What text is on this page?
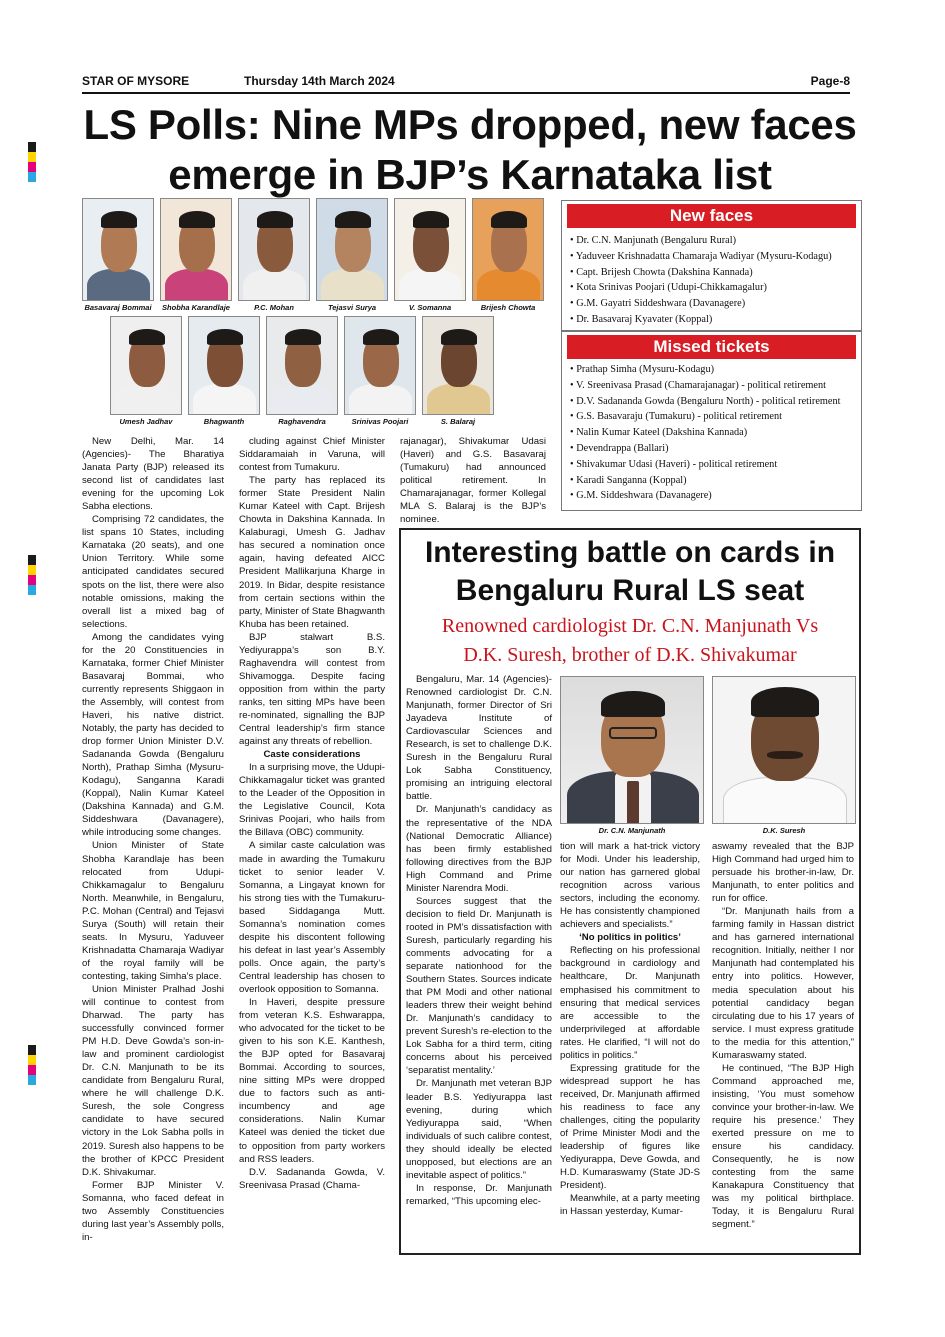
STAR OF MYSORE	Thursday 14th March 2024	Page-8
LS Polls: Nine MPs dropped, new faces
emerge in BJP’s Karnataka list
Basavaraj Bommai	Shobha Karandlaje	P.C. Mohan	Tejasvi Surya	V. Somanna	Brijesh Chowta
Umesh Jadhav	Bhagwanth	Raghavendra	Srinivas Poojari	S. Balaraj
New faces
• Dr. C.N. Manjunath (Bengaluru Rural)
• Yaduveer Krishnadatta Chamaraja Wadiyar (Mysuru-Kodagu)
• Capt. Brijesh Chowta (Dakshina Kannada)
• Kota Srinivas Poojari (Udupi-Chikkamagalur)
• G.M. Gayatri Siddeshwara (Davanagere)
• Dr. Basavaraj Kyavater (Koppal)
Missed tickets
• Prathap Simha (Mysuru-Kodagu)
• V. Sreenivasa Prasad (Chamarajanagar) - political retirement
• D.V. Sadananda Gowda (Bengaluru North) - political retirement
• G.S. Basavaraju (Tumakuru) - political retirement
• Nalin Kumar Kateel (Dakshina Kannada)
• Devendrappa (Ballari)
• Shivakumar Udasi (Haveri) - political retirement
• Karadi Sanganna (Koppal)
• G.M. Siddeshwara (Davanagere)

New Delhi, Mar. 14 (Agencies)- The Bharatiya Janata Party (BJP) released its second list of candidates last evening for the upcoming Lok Sabha elections.

Comprising 72 candidates, the list spans 10 States, including Karnataka (20 seats), and one Union Territory. While some anticipated candidates secured spots on the list, there were also notable omissions, making the overall list a mixed bag of selections.

Among the candidates vying for the 20 Constituencies in Karnataka, former Chief Minister Basavaraj Bommai, who currently represents Shiggaon in the Assembly, will contest from Haveri, his native district. Notably, the party has decided to drop former Union Minister D.V. Sadananda Gowda (Bengaluru North), Prathap Simha (Mysuru-Kodagu), Sanganna Karadi (Koppal), Nalin Kumar Kateel (Dakshina Kannada) and G.M. Siddeshwara (Davanagere), while introducing some changes.

Union Minister of State Shobha Karandlaje has been relocated from Udupi-Chikkamagalur to Bengaluru North. Meanwhile, in Bengaluru, P.C. Mohan (Central) and Tejasvi Surya (South) will retain their seats. In Mysuru, Yaduveer Krishnadatta Chamaraja Wadiyar of the royal family will be contesting, taking Simha’s place.

Union Minister Pralhad Joshi will continue to contest from Dharwad. The party has successfully convinced former PM H.D. Deve Gowda’s son-in-law and prominent cardiologist Dr. C.N. Manjunath to be its candidate from Bengaluru Rural, where he will challenge D.K. Suresh, the sole Congress candidate to have secured victory in the Lok Sabha polls in 2019. Suresh also happens to be the brother of KPCC President D.K. Shivakumar.

Former BJP Minister V. Somanna, who faced defeat in two Assembly Constituencies during last year’s Assembly polls, in-

cluding against Chief Minister Siddaramaiah in Varuna, will contest from Tumakuru.

The party has replaced its former State President Nalin Kumar Kateel with Capt. Brijesh Chowta in Dakshina Kannada. In Kalaburagi, Umesh G. Jadhav has secured a nomination once again, having defeated AICC President Mallikarjuna Kharge in 2019. In Bidar, despite resistance from certain sections within the party, Minister of State Bhagwanth Khuba has been retained.

BJP stalwart B.S. Yediyurappa’s son B.Y. Raghavendra will contest from Shivamogga. Despite facing opposition from within the party ranks, ten sitting MPs have been re-nominated, signalling the BJP Central leadership’s firm stance against any threats of rebellion.

Caste considerations

In a surprising move, the Udupi-Chikkamagalur ticket was granted to the Leader of the Opposition in the Legislative Council, Kota Srinivas Poojari, who hails from the Billava (OBC) community.

A similar caste calculation was made in awarding the Tumakuru ticket to senior leader V. Somanna, a Lingayat known for his strong ties with the Tumakuru-based Siddaganga Mutt. Somanna’s nomination comes despite his discontent following his defeat in last year’s Assembly polls. Once again, the party’s Central leadership has chosen to overlook opposition to Somanna.

In Haveri, despite pressure from veteran K.S. Eshwarappa, who advocated for the ticket to be given to his son K.E. Kanthesh, the BJP opted for Basavaraj Bommai. According to sources, nine sitting MPs were dropped due to factors such as anti-incumbency and age considerations. Nalin Kumar Kateel was denied the ticket due to opposition from party workers and RSS leaders.

D.V. Sadananda Gowda, V. Sreenivasa Prasad (Chama-

rajanagar), Shivakumar Udasi (Haveri) and G.S. Basavaraj (Tumakuru) had announced political retirement. In Chamarajanagar, former Kollegal MLA S. Balaraj is the BJP’s nominee.

Interesting battle on cards in
Bengaluru Rural LS seat
Renowned cardiologist Dr. C.N. Manjunath Vs
D.K. Suresh, brother of D.K. Shivakumar
Dr. C.N. Manjunath	D.K. Suresh

Bengaluru, Mar. 14 (Agencies)- Renowned cardiologist Dr. C.N. Manjunath, former Director of Sri Jayadeva Institute of Cardiovascular Sciences and Research, is set to challenge D.K. Suresh in the Bengaluru Rural Lok Sabha Constituency, promising an intriguing electoral battle.

Dr. Manjunath’s candidacy as the representative of the NDA (National Democratic Alliance) has been firmly established following directives from the BJP High Command and Prime Minister Narendra Modi.

Sources suggest that the decision to field Dr. Manjunath is rooted in PM’s dissatisfaction with Suresh, particularly regarding his comments advocating for a separate nationhood for the Southern States. Sources indicate that PM Modi and other national leaders threw their weight behind Dr. Manjunath’s candidacy to prevent Suresh’s re-election to the Lok Sabha for a third term, citing concerns about his perceived ‘separatist mentality.’

Dr. Manjunath met veteran BJP leader B.S. Yediyurappa last evening, during which Yediyurappa said, “When individuals of such calibre contest, they should ideally be elected unopposed, but elections are an inevitable aspect of politics.”

In response, Dr. Manjunath remarked, “This upcoming elec-

tion will mark a hat-trick victory for Modi. Under his leadership, our nation has garnered global recognition across various sectors, including the economy. He has consistently championed achievers and specialists.”

‘No politics in politics’

Reflecting on his professional background in cardiology and healthcare, Dr. Manjunath emphasised his commitment to ensuring that medical services are accessible to the underprivileged at affordable rates. He clarified, “I will not do politics in politics.”

Expressing gratitude for the widespread support he has received, Dr. Manjunath affirmed his readiness to face any challenges, citing the popularity of Prime Minister Modi and the leadership of figures like Yediyurappa, Deve Gowda, and H.D. Kumaraswamy (State JD-S President).

Meanwhile, at a party meeting in Hassan yesterday, Kumar-

aswamy revealed that the BJP High Command had urged him to persuade his brother-in-law, Dr. Manjunath, to enter politics and run for office.

“Dr. Manjunath hails from a farming family in Hassan district and has garnered international recognition. Initially, neither I nor Manjunath had contemplated his entry into politics. However, media speculation about his potential candidacy began circulating due to his 17 years of service. I must express gratitude to the media for this attention,” Kumaraswamy stated.

He continued, “The BJP High Command approached me, insisting, ‘You must somehow convince your brother-in-law. We require his presence.’ They exerted pressure on me to ensure his candidacy. Consequently, he is now contesting from the same Kanakapura Constituency that was my political birthplace. Today, it is Bengaluru Rural segment.”
